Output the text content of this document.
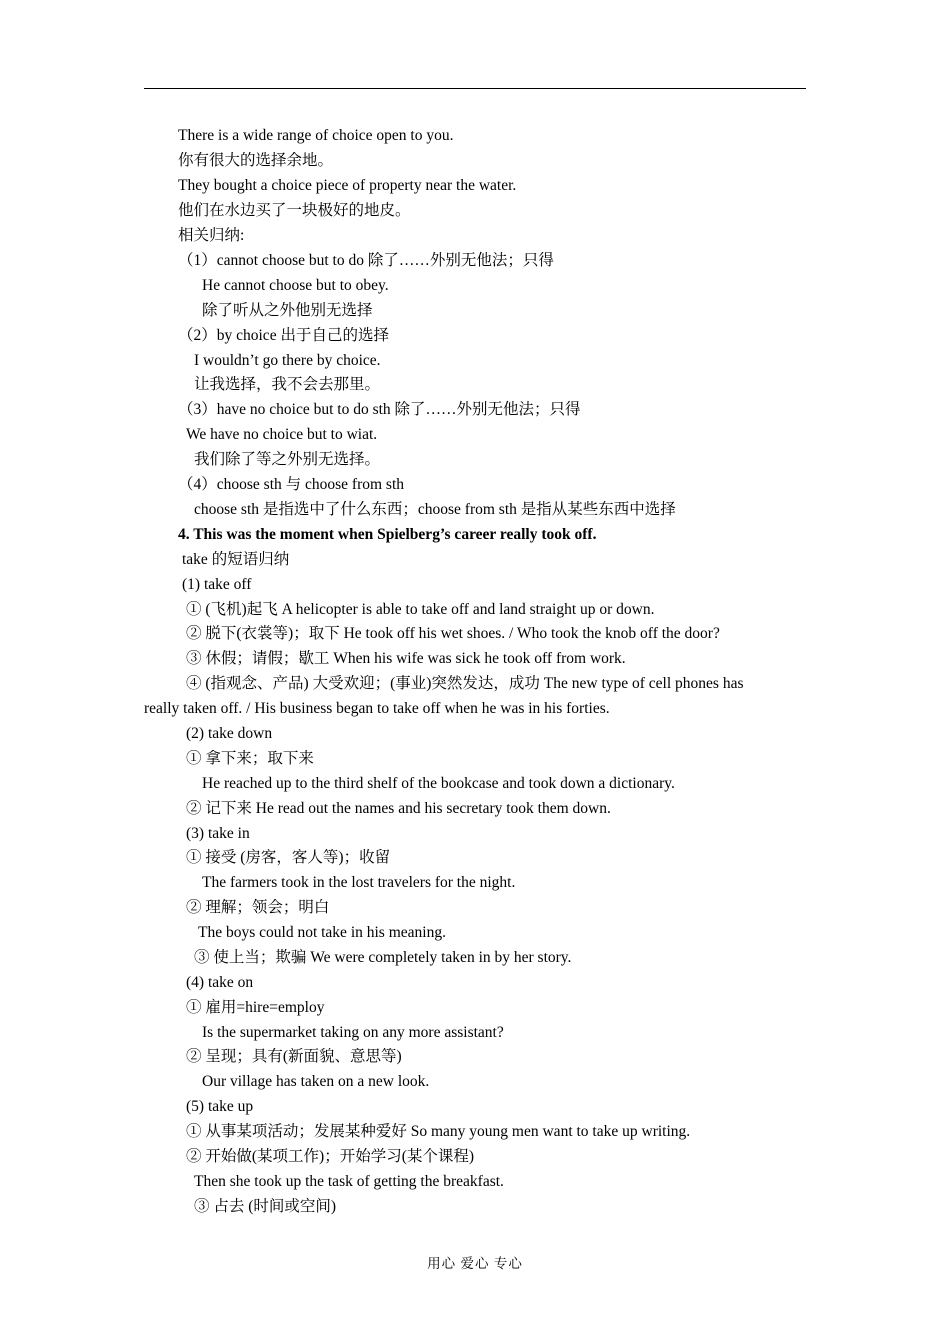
There is a wide range of choice open to you.
你有很大的选择余地。
They bought a choice piece of property near the water.
他们在水边买了一块极好的地皮。
相关归纳:
（1）cannot choose but to do 除了……外别无他法；只得
He cannot choose but to obey.
除了听从之外他别无选择
（2）by choice 出于自己的选择
I wouldn’t go there by choice.
让我选择，我不会去那里。
（3）have no choice but to do sth 除了……外别无他法；只得
We have no choice but to wiat.
我们除了等之外别无选择。
（4）choose sth 与 choose from sth
choose sth 是指选中了什么东西；choose from sth 是指从某些东西中选择
4. This was the moment when Spielberg’s career really took off.
take 的短语归纳
(1) take off
① (飞机)起飞 A helicopter is able to take off and land straight up or down.
② 脱下(衣裳等)；取下 He took off his wet shoes. / Who took the knob off the door?
③ 休假；请假；歇工 When his wife was sick he took off from work.
④ (指观念、产品) 大受欢迎；(事业)突然发达，成功 The new type of cell phones has
really taken off. / His business began to take off when he was in his forties.
(2) take down
① 拿下来；取下来
He reached up to the third shelf of the bookcase and took down a dictionary.
② 记下来 He read out the names and his secretary took them down.
(3) take in
① 接受 (房客，客人等)；收留
The farmers took in the lost travelers for the night.
② 理解；领会；明白
The boys could not take in his meaning.
③ 使上当；欺骗 We were completely taken in by her story.
(4) take on
① 雇用=hire=employ
Is the supermarket taking on any more assistant?
② 呈现；具有(新面貌、意思等)
Our village has taken on a new look.
(5) take up
① 从事某项活动；发展某种爱好 So many young men want to take up writing.
② 开始做(某项工作)；开始学习(某个课程)
Then she took up the task of getting the breakfast.
③ 占去 (时间或空间)
用心 爱心 专心
